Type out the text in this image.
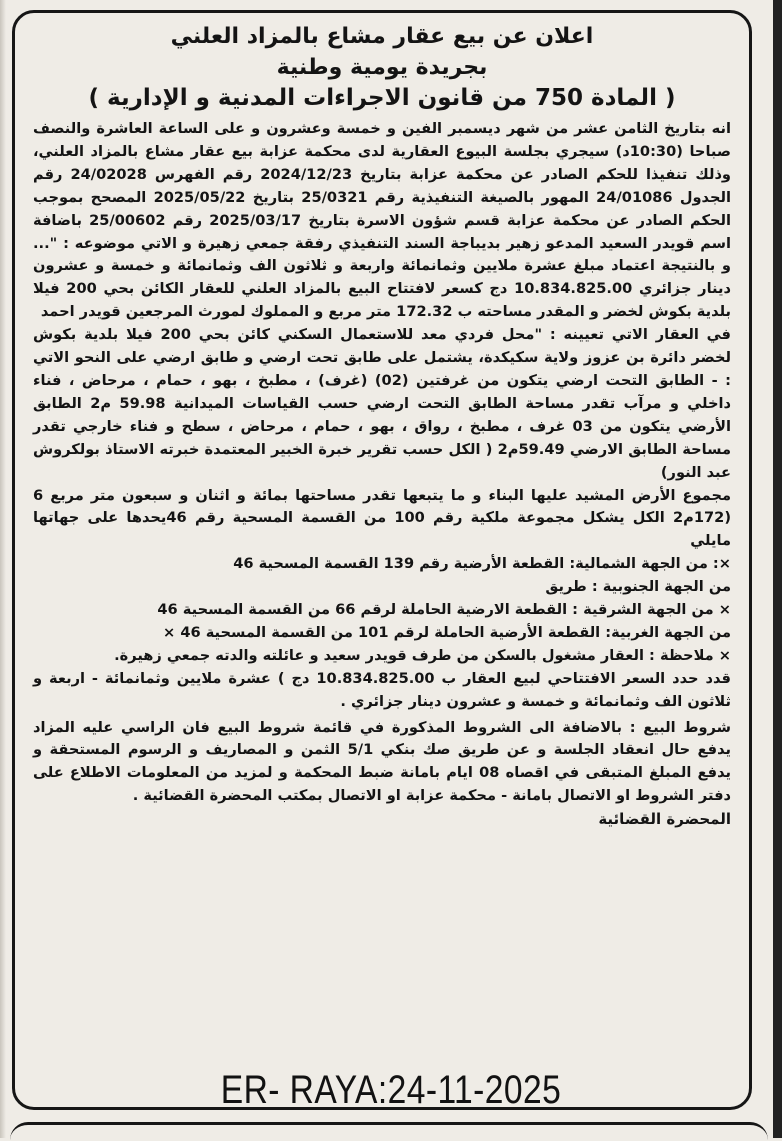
اعلان عن بيع عقار مشاع بالمزاد العلني
بجريدة يومية وطنية
( المادة 750 من قانون الاجراءات المدنية و الإدارية )

انه بتاريخ الثامن عشر من شهر ديسمبر الفين و خمسة وعشرون و على الساعة العاشرة والنصف صباحا (10:30د) سيجري بجلسة البيوع العقارية لدى محكمة عزابة بيع عقار مشاع بالمزاد العلني، وذلك تنفيذا للحكم الصادر عن محكمة عزابة بتاريخ 2024/12/23 رقم الفهرس 24/02028 رقم الجدول 24/01086 المهور بالصيغة التنفيذية رقم 25/0321 بتاريخ 2025/05/22 المصحح بموجب الحكم الصادر عن محكمة عزابة قسم شؤون الاسرة بتاريخ 2025/03/17 رقم 25/00602 باضافة اسم قويدر السعيد المدعو زهير بديباجة السند التنفيذي رفقة جمعي زهيرة و الاتي موضوعه : "... و بالنتيجة اعتماد مبلغ عشرة ملايين وثمانمائة واربعة و ثلاثون الف وثمانمائة و خمسة و عشرون دينار جزائري 10.834.825.00 دج كسعر لافتتاح البيع بالمزاد العلني للعقار الكائن بحي 200 فيلا بلدية بكوش لخضر و المقدر مساحته ب 172.32 متر مربع و المملوك لمورث المرجعين قويدر احمد

في العقار الاتي تعيينه : "محل فردي معد للاستعمال السكني كائن بحي 200 فيلا بلدية بكوش لخضر دائرة بن عزوز ولاية سكيكدة، يشتمل على طابق تحت ارضي و طابق ارضي على النحو الاتي : - الطابق التحت ارضي يتكون من غرفتين (02) (غرف) ، مطبخ ، بهو ، حمام ، مرحاض ، فناء داخلي و مرآب تقدر مساحة الطابق التحت ارضي حسب القياسات الميدانية 59.98 م2 الطابق الأرضي يتكون من 03 غرف ، مطبخ ، رواق ، بهو ، حمام ، مرحاض ، سطح و فناء خارجي تقدر مساحة الطابق الارضي 59.49م2 ( الكل حسب تقرير خبرة الخبير المعتمدة خبرته الاستاذ بولكروش عبد النور)

مجموع الأرض المشيد عليها البناء و ما يتبعها تقدر مساحتها بمائة و اثنان و سبعون متر مربع 6 (172م2 الكل يشكل مجموعة ملكية رقم 100 من القسمة المسحية رقم 46يحدها على جهاتها مايلي

×: من الجهة الشمالية: القطعة الأرضية رقم 139 القسمة المسحية 46

من الجهة الجنوبية : طريق

× من الجهة الشرقية : القطعة الارضية الحاملة لرقم 66 من القسمة المسحية 46

من الجهة الغربية: القطعة الأرضية الحاملة لرقم 101 من القسمة المسحية 46 ×

× ملاحظة : العقار مشغول بالسكن من طرف قويدر سعيد و عائلته والدته جمعي زهيرة.

قدد حدد السعر الافتتاحي لبيع العقار ب 10.834.825.00 دج ) عشرة ملايين وثمانمائة - اربعة و ثلاثون الف وثمانمائة و خمسة و عشرون دينار جزائري .

شروط البيع : بالاضافة الى الشروط المذكورة في قائمة شروط البيع فان الراسي عليه المزاد يدفع حال انعقاد الجلسة و عن طريق صك بنكي 5/1 الثمن و المصاريف و الرسوم المستحقة و يدفع المبلغ المتبقى في اقصاه 08 ايام بامانة ضبط المحكمة و لمزيد من المعلومات الاطلاع على دفتر الشروط او الاتصال بامانة - محكمة عزابة او الاتصال بمكتب المحضرة القضائية .

المحضرة القضائية
ER- RAYA:24-11-2025
